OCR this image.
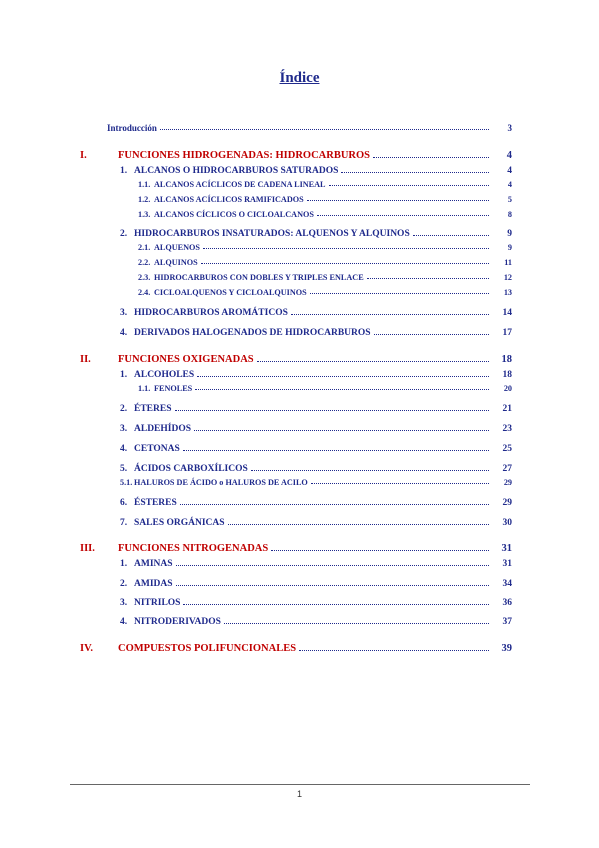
Índice
Introducción	3
I.	FUNCIONES HIDROGENADAS: HIDROCARBUROS	4
1. ALCANOS O HIDROCARBUROS SATURADOS	4
1.1. ALCANOS ACÍCLICOS DE CADENA LINEAL	4
1.2. ALCANOS ACÍCLICOS RAMIFICADOS	5
1.3. ALCANOS CÍCLICOS O CICLOALCANOS	8
2. HIDROCARBUROS INSATURADOS: ALQUENOS Y ALQUINOS	9
2.1. ALQUENOS	9
2.2. ALQUINOS	11
2.3. HIDROCARBUROS CON DOBLES Y TRIPLES ENLACE	12
2.4. CICLOALQUENOS Y CICLOALQUINOS	13
3. HIDROCARBUROS AROMÁTICOS	14
4. DERIVADOS HALOGENADOS DE HIDROCARBUROS	17
II.	FUNCIONES OXIGENADAS	18
1. ALCOHOLES	18
1.1. FENOLES	20
2. ÉTERES	21
3. ALDEHÍDOS	23
4. CETONAS	25
5. ÁCIDOS CARBOXÍLICOS	27
5.1. HALUROS DE ÁCIDO o HALUROS DE ACILO	29
6. ÉSTERES	29
7. SALES ORGÁNICAS	30
III.	FUNCIONES NITROGENADAS	31
1. AMINAS	31
2. AMIDAS	34
3. NITRILOS	36
4. NITRODERIVADOS	37
IV.	COMPUESTOS POLIFUNCIONALES	39
1
